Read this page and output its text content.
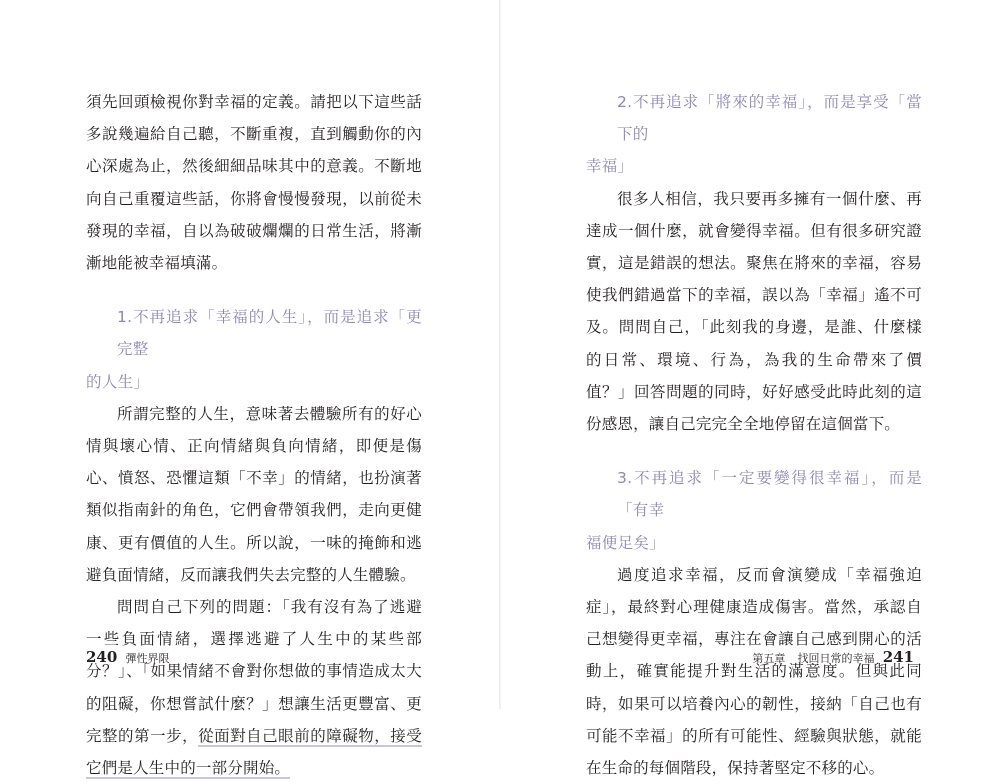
須先回頭檢視你對幸福的定義。請把以下這些話多說幾遍給自己聽，不斷重複，直到觸動你的內心深處為止，然後細細品味其中的意義。不斷地向自己重覆這些話，你將會慢慢發現，以前從未發現的幸福，自以為破破爛爛的日常生活，將漸漸地能被幸福填滿。

1.不再追求「幸福的人生」，而是追求「更完整
的人生」

所謂完整的人生，意味著去體驗所有的好心情與壞心情、正向情緒與負向情緒，即便是傷心、憤怒、恐懼這類「不幸」的情緒，也扮演著類似指南針的角色，它們會帶領我們，走向更健康、更有價值的人生。所以說，一味的掩飾和逃避負面情緒，反而讓我們失去完整的人生體驗。

問問自己下列的問題：「我有沒有為了逃避一些負面情緒，選擇逃避了人生中的某些部分？」、「如果情緒不會對你想做的事情造成太大的阻礙，你想嘗試什麼？」想讓生活更豐富、更完整的第一步，從面對自己眼前的障礙物，接受它們是人生中的一部分開始。

240 彈性界限
2.不再追求「將來的幸福」，而是享受「當下的
幸福」

很多人相信，我只要再多擁有一個什麼、再達成一個什麼，就會變得幸福。但有很多研究證實，這是錯誤的想法。聚焦在將來的幸福，容易使我們錯過當下的幸福，誤以為「幸福」遙不可及。問問自己，「此刻我的身邊，是誰、什麼樣的日常、環境、行為，為我的生命帶來了價值？」回答問題的同時，好好感受此時此刻的這份感恩，讓自己完完全全地停留在這個當下。

3.不再追求「一定要變得很幸福」，而是「有幸
福便足矣」

過度追求幸福，反而會演變成「幸福強迫症」，最終對心理健康造成傷害。當然，承認自己想變得更幸福，專注在會讓自己感到開心的活動上，確實能提升對生活的滿意度。但與此同時，如果可以培養內心的韌性，接納「自己也有可能不幸福」的所有可能性、經驗與狀態，就能在生命的每個階段，保持著堅定不移的心。

第五章 找回日常的幸福 241
